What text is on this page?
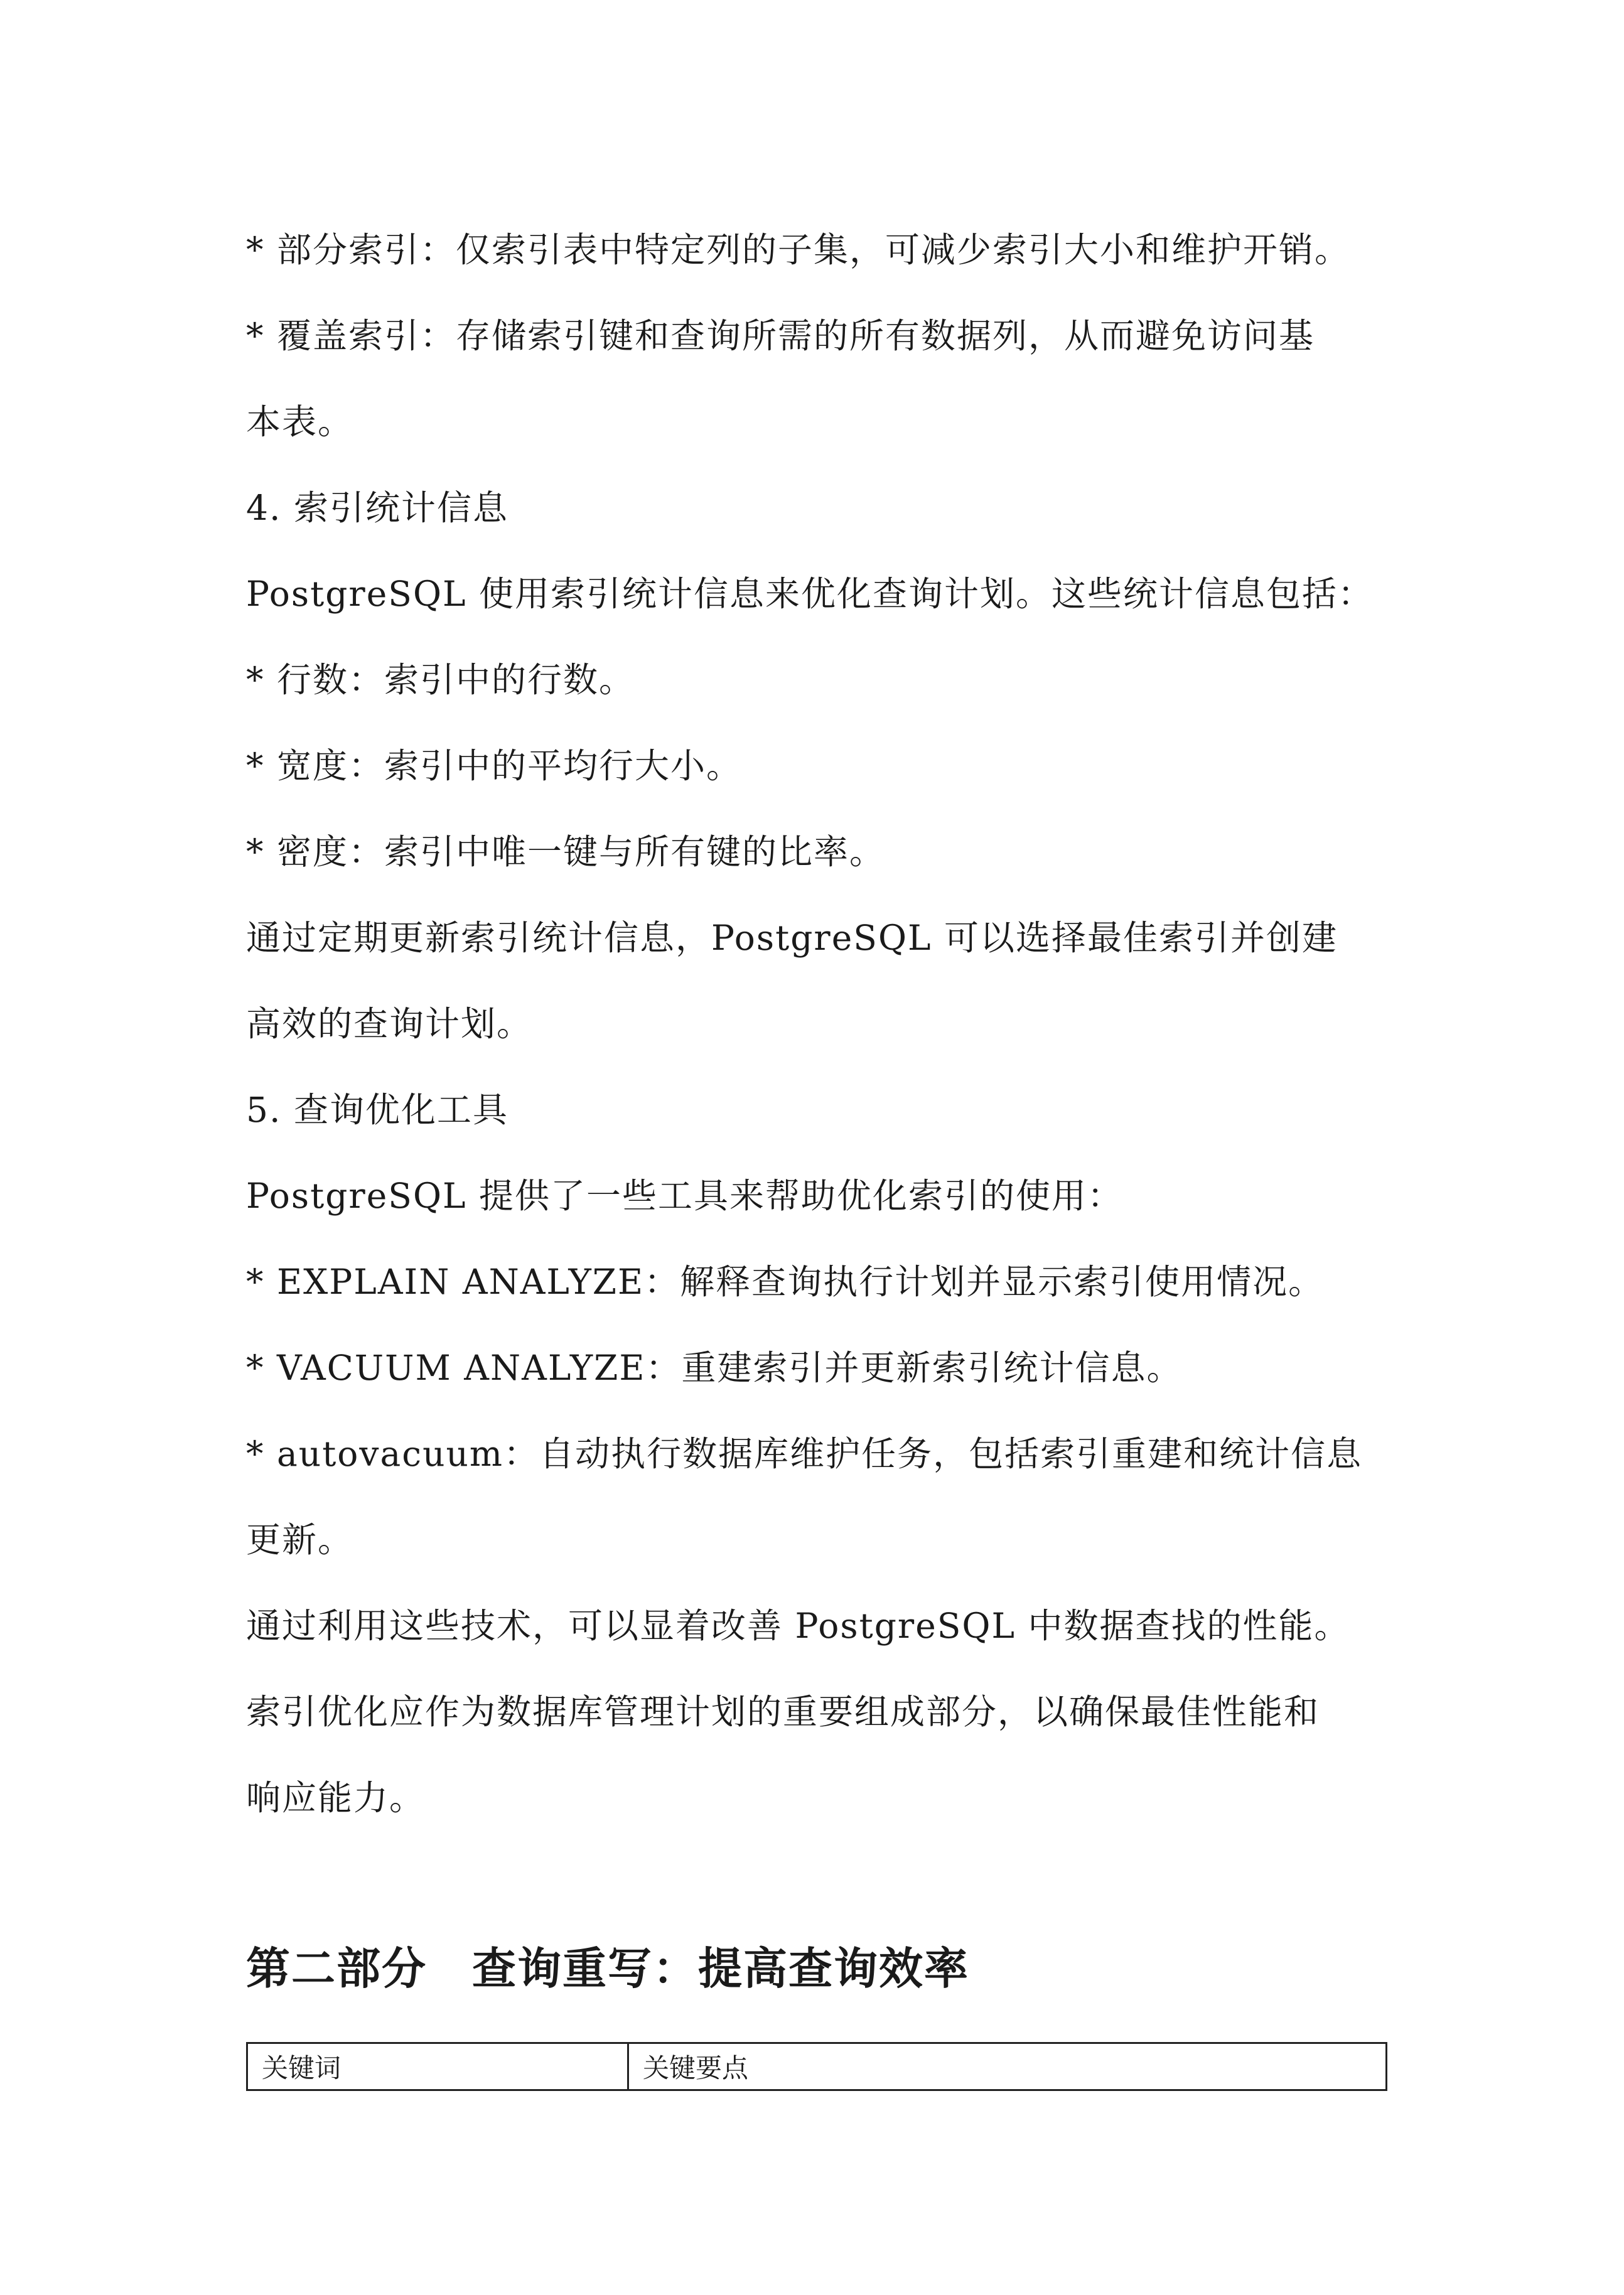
* 部分索引：仅索引表中特定列的子集，可减少索引大小和维护开销。

* 覆盖索引：存储索引键和查询所需的所有数据列，从而避免访问基

本表。

4. 索引统计信息

PostgreSQL 使用索引统计信息来优化查询计划。这些统计信息包括：

* 行数：索引中的行数。

* 宽度：索引中的平均行大小。

* 密度：索引中唯一键与所有键的比率。

通过定期更新索引统计信息，PostgreSQL 可以选择最佳索引并创建

高效的查询计划。

5. 查询优化工具

PostgreSQL 提供了一些工具来帮助优化索引的使用：

* EXPLAIN ANALYZE：解释查询执行计划并显示索引使用情况。

* VACUUM ANALYZE：重建索引并更新索引统计信息。

* autovacuum：自动执行数据库维护任务，包括索引重建和统计信息

更新。

通过利用这些技术，可以显着改善 PostgreSQL 中数据查找的性能。

索引优化应作为数据库管理计划的重要组成部分，以确保最佳性能和

响应能力。

第二部分　查询重写：提高查询效率
关键词	关键要点
